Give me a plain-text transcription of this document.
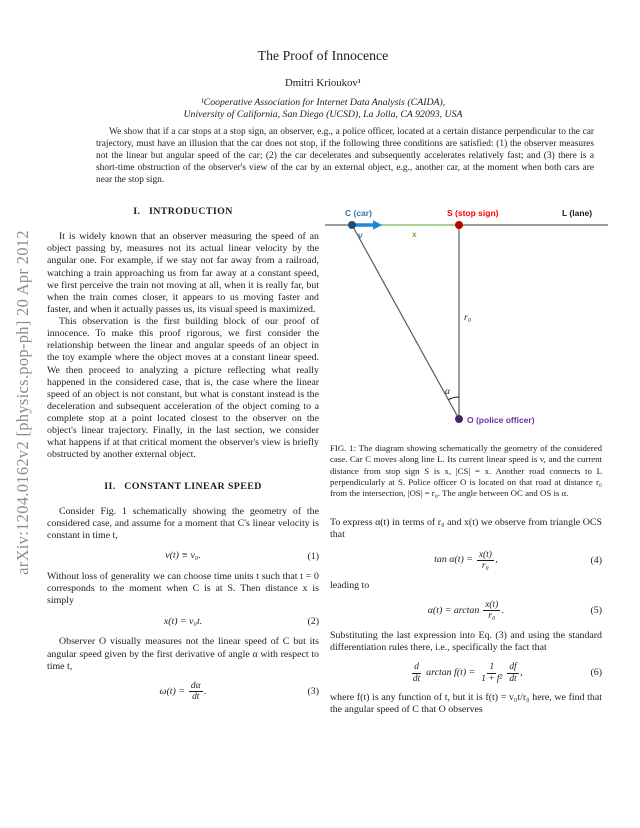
arXiv:1204.0162v2 [physics.pop-ph] 20 Apr 2012
The Proof of Innocence
Dmitri Krioukov¹
¹Cooperative Association for Internet Data Analysis (CAIDA),
University of California, San Diego (UCSD), La Jolla, CA 92093, USA
We show that if a car stops at a stop sign, an observer, e.g., a police officer, located at a certain distance perpendicular to the car trajectory, must have an illusion that the car does not stop, if the following three conditions are satisfied: (1) the observer measures not the linear but angular speed of the car; (2) the car decelerates and subsequently accelerates relatively fast; and (3) there is a short-time obstruction of the observer's view of the car by an external object, e.g., another car, at the moment when both cars are near the stop sign.

I.   INTRODUCTION

It is widely known that an observer measuring the speed of an object passing by, measures not its actual linear velocity by the angular one. For example, if we stay not far away from a railroad, watching a train approaching us from far away at a constant speed, we first perceive the train not moving at all, when it is really far, but when the train comes closer, it appears to us moving faster and faster, and when it actually passes us, its visual speed is maximized.

This observation is the first building block of our proof of innocence. To make this proof rigorous, we first consider the relationship between the linear and angular speeds of an object in the toy example where the object moves at a constant linear speed. We then proceed to analyzing a picture reflecting what really happened in the considered case, that is, the case where the linear speed of an object is not constant, but what is constant instead is the deceleration and subsequent acceleration of the object coming to a complete stop at a point located closest to the observer on the object's linear trajectory. Finally, in the last section, we consider what happens if at that critical moment the observer's view is briefly obstructed by another external object.

II.   CONSTANT LINEAR SPEED

Consider Fig. 1 schematically showing the geometry of the considered case, and assume for a moment that C's linear velocity is constant in time t,

v(t) ≡ v₀.	(1)

Without loss of generality we can choose time units t such that t = 0 corresponds to the moment when C is at S. Then distance x is simply

x(t) = v₀t.	(2)

Observer O visually measures not the linear speed of C but its angular speed given by the first derivative of angle α with respect to time t,

$\omega(t) = \frac{d\alpha}{dt}$ .	(3)
C (car)	S (stop sign)	L (lane)
v	x
r₀
α
O (police officer)

FIG. 1: The diagram showing schematically the geometry of the considered case. Car C moves along line L. Its current linear speed is v, and the current distance from stop sign S is x, |CS| = x. Another road connects to L perpendicularly at S. Police officer O is located on that road at distance r₀ from the intersection, |OS| = r₀. The angle between OC and OS is α.

To express α(t) in terms of r₀ and x(t) we observe from triangle OCS that

$\tan \alpha(t) = \frac{x(t)}{\text{r₀}}$ ,	(4)

leading to

$\alpha(t) = \arctan \frac{x(t)}{\text{r₀}}$ .	(5)

Substituting the last expression into Eq. (3) and using the standard differentiation rules there, i.e., specifically the fact that

$\frac{d}{dt}$ $\arctan f(t) = \frac{1}{\text{1 + f²}} \frac{df}{dt}$ ,	(6)

where f(t) is any function of t, but it is f(t) = v₀t/r₀ here, we find that the angular speed of C that O observes
